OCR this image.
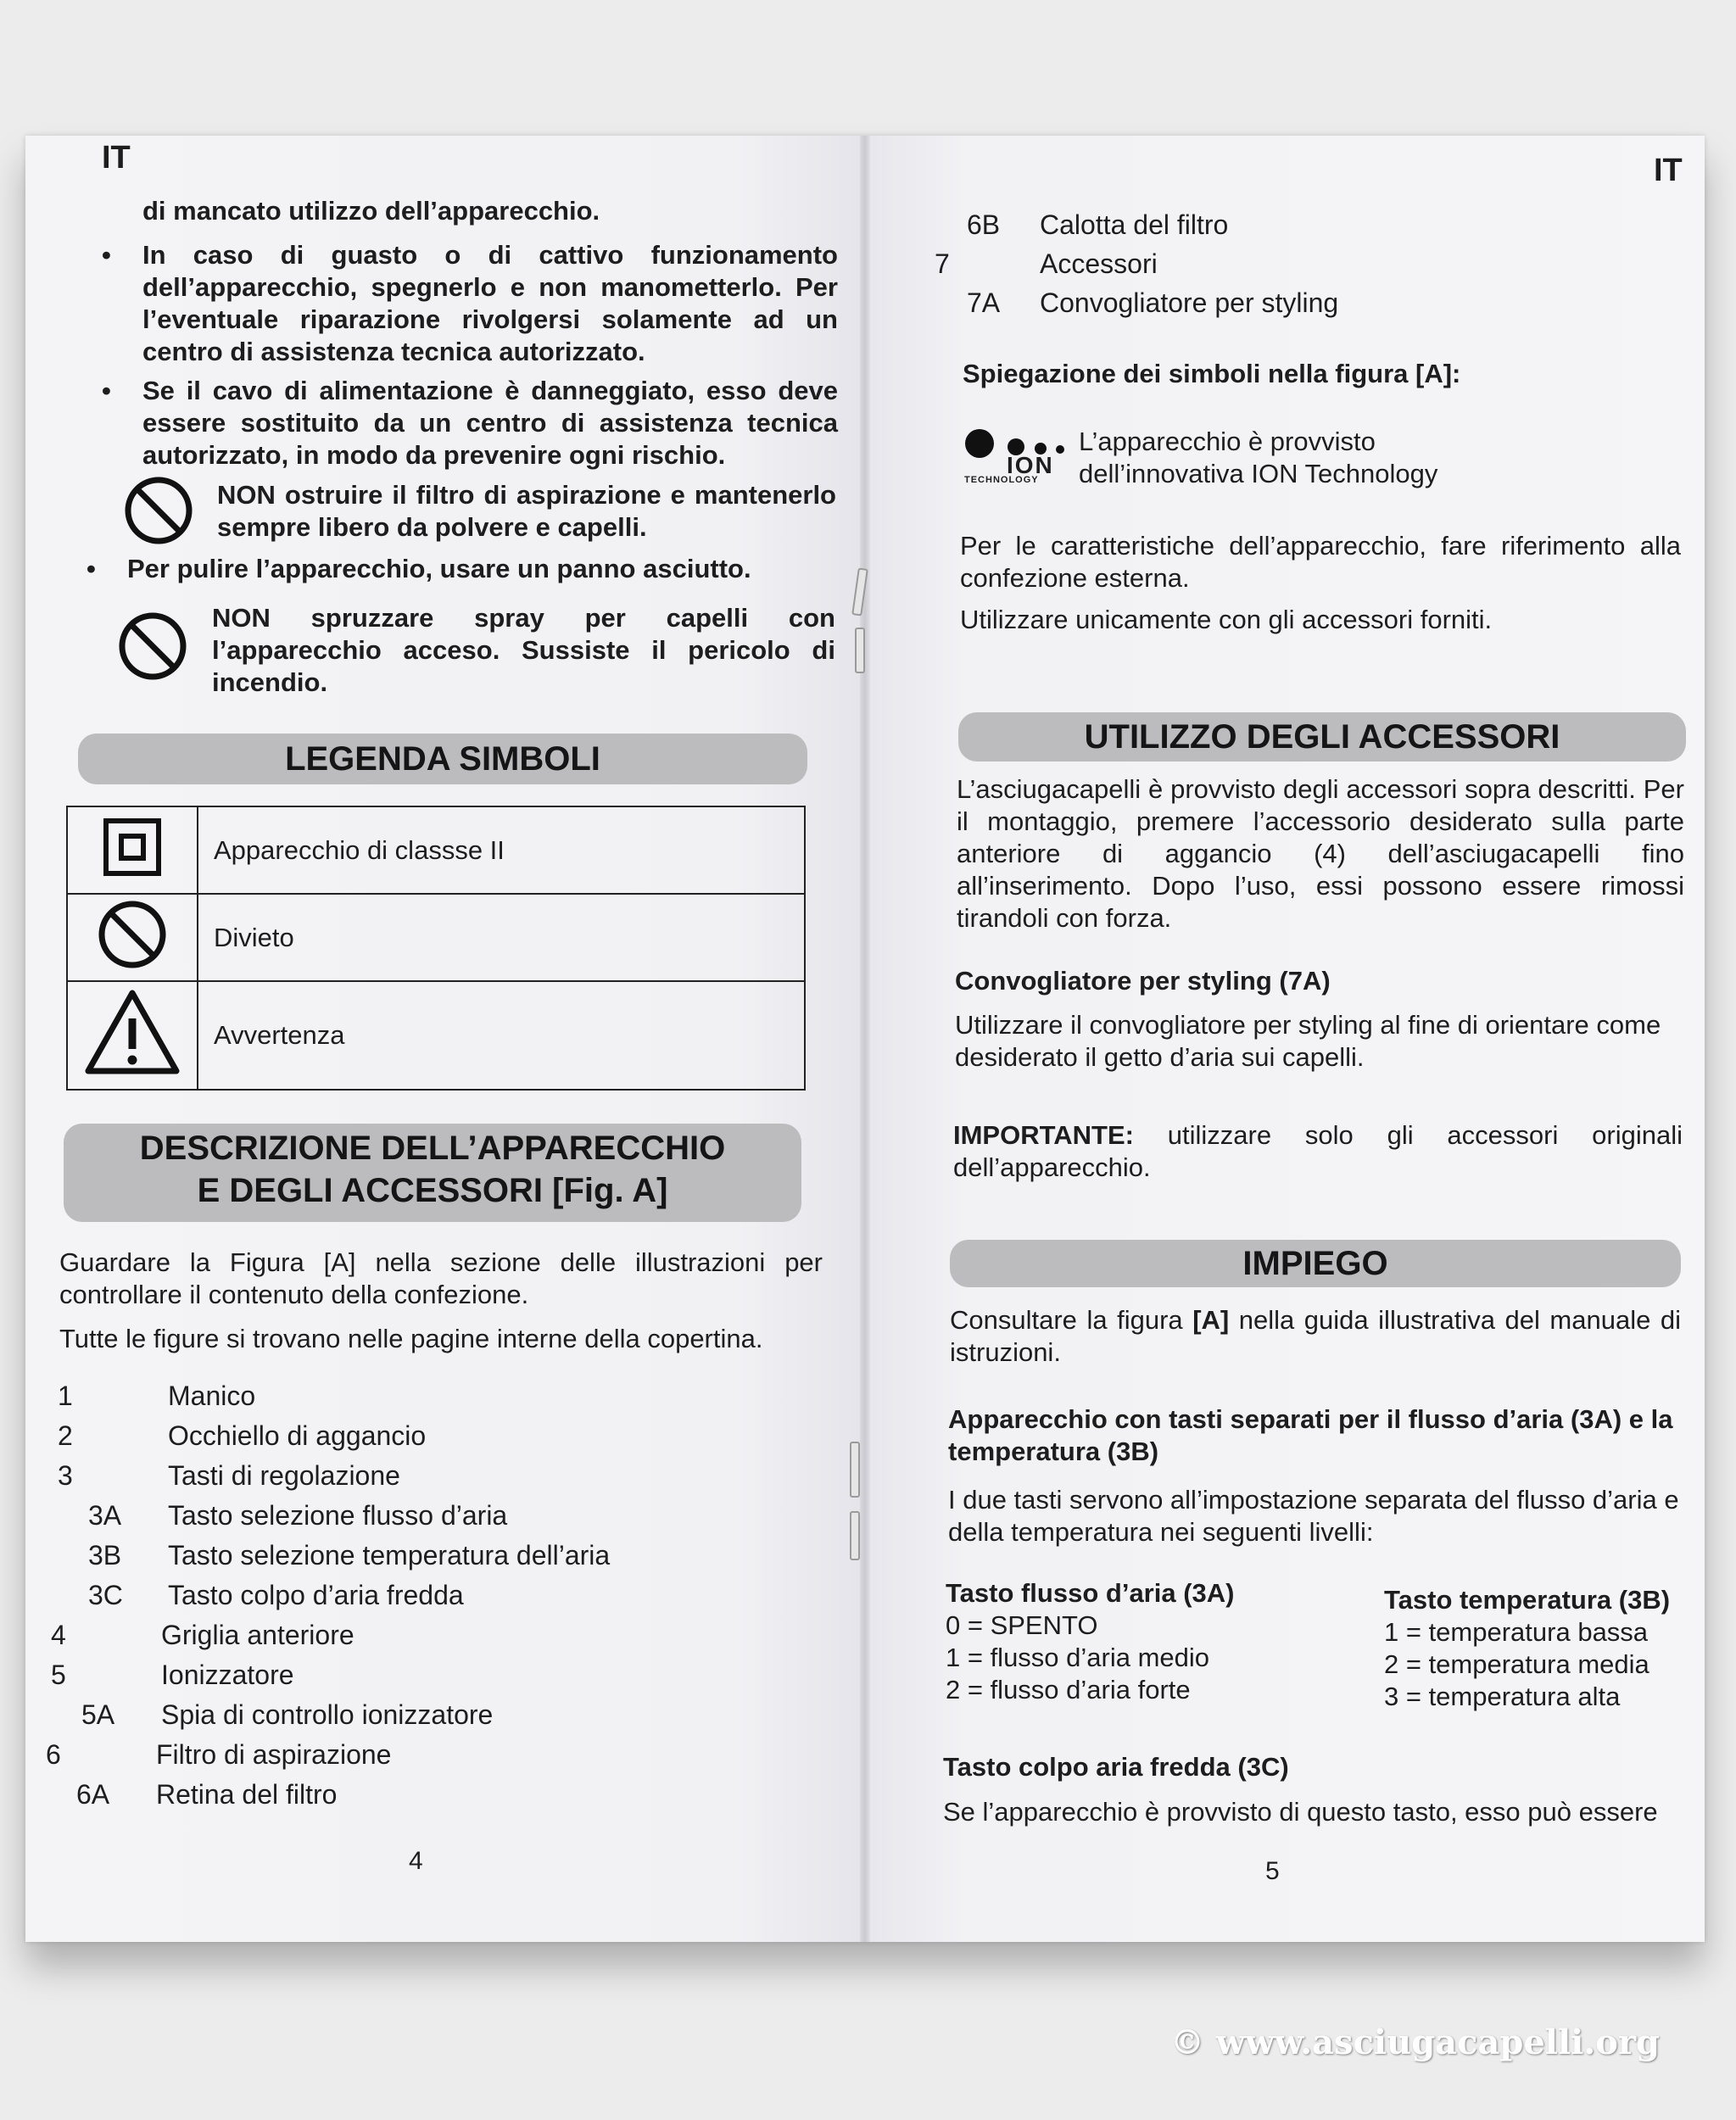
IT
di mancato utilizzo dell’apparecchio.
• In caso di guasto o di cattivo funzionamento dell’apparecchio, spegnerlo e non manometterlo. Per l’eventuale riparazione rivolgersi solamente ad un centro di assistenza tecnica autorizzato.
• Se il cavo di alimentazione è danneggiato, esso deve essere sostituito da un centro di assistenza tecnica autorizzato, in modo da prevenire ogni rischio.
NON ostruire il filtro di aspirazione e mantenerlo sempre libero da polvere e capelli.
• Per pulire l’apparecchio, usare un panno asciutto.
NON spruzzare spray per capelli con l’apparecchio acceso. Sussiste il pericolo di incendio.
LEGENDA SIMBOLI
	Apparecchio di classse II
	Divieto
	Avvertenza
DESCRIZIONE DELL’APPARECCHIO
E DEGLI ACCESSORI [Fig. A]
Guardare la Figura [A] nella sezione delle illustrazioni per controllare il contenuto della confezione.
Tutte le figure si trovano nelle pagine interne della copertina.
1	Manico
2	Occhiello di aggancio
3	Tasti di regolazione
3A Tasto selezione flusso d’aria
3B Tasto selezione temperatura dell’aria
3C Tasto colpo d’aria fredda
4	Griglia anteriore
5	Ionizzatore
5A Spia di controllo ionizzatore
6	Filtro di aspirazione
6A Retina del filtro
4
IT
6B Calotta del filtro
7	Accessori
7A Convogliatore per styling
Spiegazione dei simboli nella figura [A]:
ION
TECHNOLOGY
L’apparecchio è provvisto
dell’innovativa ION Technology
Per le caratteristiche dell’apparecchio, fare riferimento alla confezione esterna.
Utilizzare unicamente con gli accessori forniti.
UTILIZZO DEGLI ACCESSORI
L’asciugacapelli è provvisto degli accessori sopra descritti. Per il montaggio, premere l’accessorio desiderato sulla parte anteriore di aggancio (4) dell’asciugacapelli fino all’inserimento. Dopo l’uso, essi possono essere rimossi tirandoli con forza.
Convogliatore per styling (7A)
Utilizzare il convogliatore per styling al fine di orientare come desiderato il getto d’aria sui capelli.
IMPORTANTE: utilizzare solo gli accessori originali dell’apparecchio.
IMPIEGO
Consultare la figura [A] nella guida illustrativa del manuale di istruzioni.
Apparecchio con tasti separati per il flusso d’aria (3A) e la temperatura (3B)
I due tasti servono all’impostazione separata del flusso d’aria e della temperatura nei seguenti livelli:
Tasto flusso d’aria (3A)
0 = SPENTO
1 = flusso d’aria medio
2 = flusso d’aria forte
Tasto temperatura (3B)
1 = temperatura bassa
2 = temperatura media
3 = temperatura alta
Tasto colpo aria fredda (3C)
Se l’apparecchio è provvisto di questo tasto, esso può essere
5
© www.asciugacapelli.org
